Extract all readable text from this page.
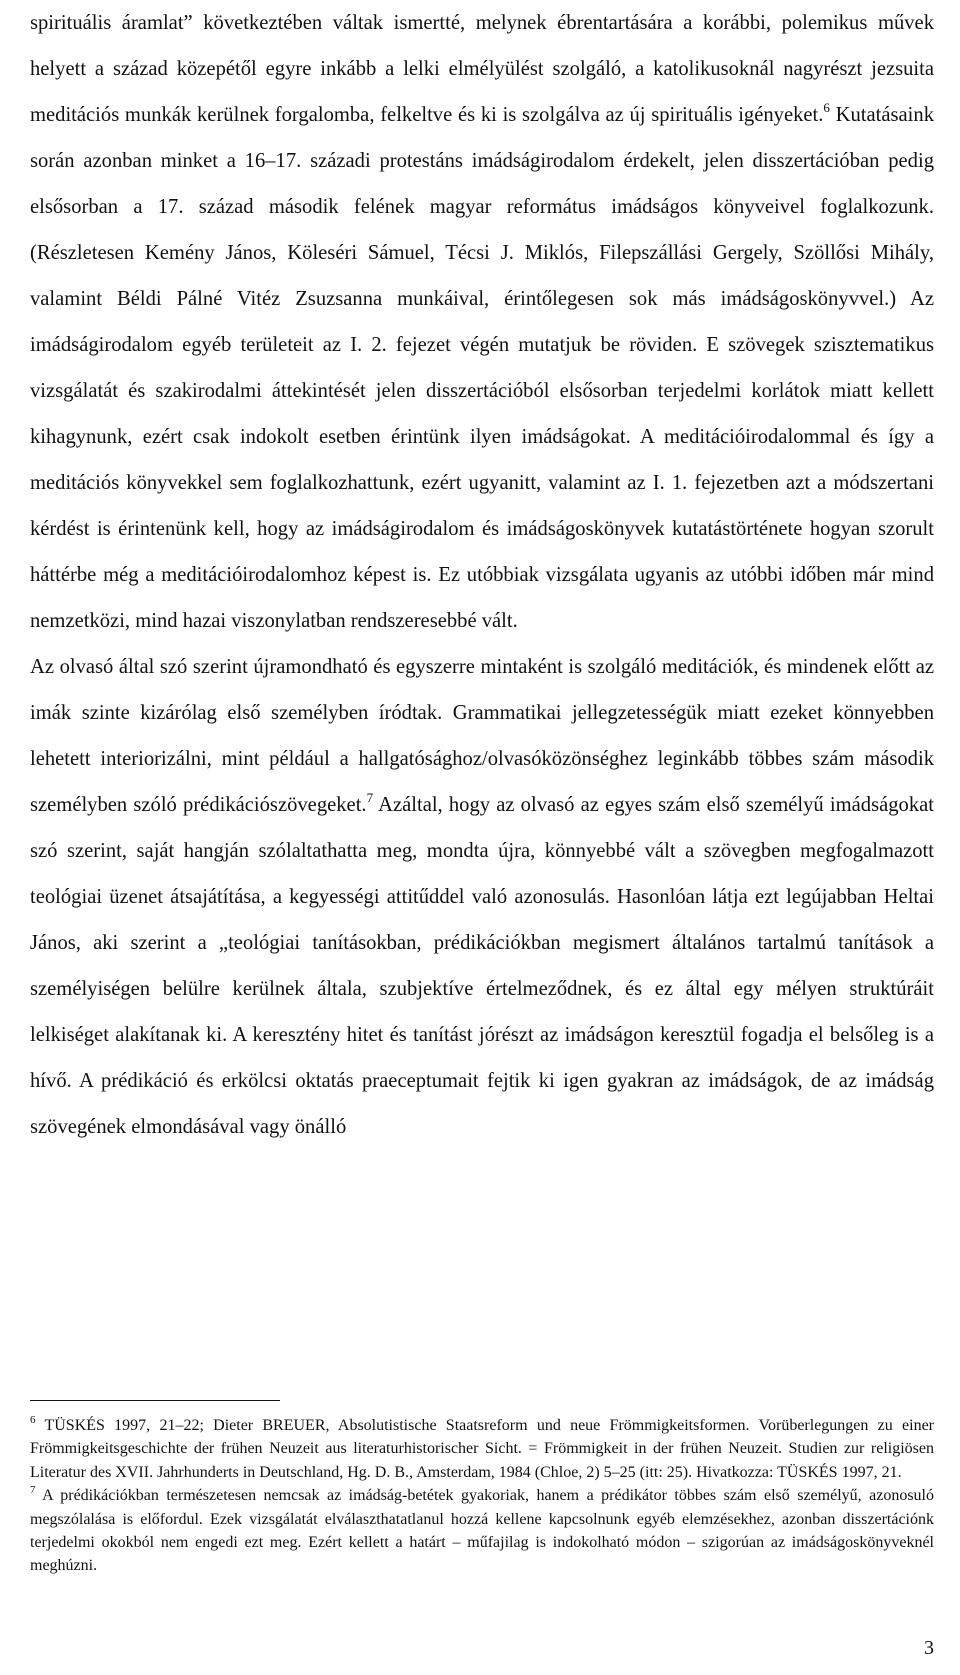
spirituális áramlat” következtében váltak ismertté, melynek ébrentartására a korábbi, polemikus művek helyett a század közepétől egyre inkább a lelki elmélyülést szolgáló, a katolikusoknál nagyrészt jezsuita meditációs munkák kerülnek forgalomba, felkeltve és ki is szolgálva az új spirituális igényeket.$^6$ Kutatásaink során azonban minket a 16–17. századi protestáns imádságirodalom érdekelt, jelen disszertációban pedig elsősorban a 17. század második felének magyar református imádságos könyveivel foglalkozunk. (Részletesen Kemény János, Köleséri Sámuel, Técsi J. Miklós, Filepszállási Gergely, Szöllősi Mihály, valamint Béldi Pálné Vitéz Zsuzsanna munkáival, érintőlegesen sok más imádságoskönyvvel.) Az imádságirodalom egyéb területeit az I. 2. fejezet végén mutatjuk be röviden. E szövegek szisztematikus vizsgálatát és szakirodalmi áttekintését jelen disszertációból elsősorban terjedelmi korlátok miatt kellett kihagynunk, ezért csak indokolt esetben érintünk ilyen imádságokat. A meditációirodalommal és így a meditációs könyvekkel sem foglalkozhattunk, ezért ugyanitt, valamint az I. 1. fejezetben azt a módszertani kérdést is érintenünk kell, hogy az imádságirodalom és imádságoskönyvek kutatástörténete hogyan szorult háttérbe még a meditációirodalomhoz képest is. Ez utóbbiak vizsgálata ugyanis az utóbbi időben már mind nemzetközi, mind hazai viszonylatban rendszeresebbé vált.

Az olvasó által szó szerint újramondható és egyszerre mintaként is szolgáló meditációk, és mindenek előtt az imák szinte kizárólag első személyben íródtak. Grammatikai jellegzetességük miatt ezeket könnyebben lehetett interiorizálni, mint például a hallgatósághoz/olvasóközönséghez leginkább többes szám második személyben szóló prédikációszövegeket.$^7$ Azáltal, hogy az olvasó az egyes szám első személyű imádságokat szó szerint, saját hangján szólaltathatta meg, mondta újra, könnyebbé vált a szövegben megfogalmazott teológiai üzenet átsajátítása, a kegyességi attitűddel való azonosulás. Hasonlóan látja ezt legújabban Heltai János, aki szerint a „teológiai tanításokban, prédikációkban megismert általános tartalmú tanítások a személyiségen belülre kerülnek általa, szubjektíve értelmeződnek, és ez által egy mélyen struktúráit lelkiséget alakítanak ki. A keresztény hitet és tanítást jórészt az imádságon keresztül fogadja el belsőleg is a hívő. A prédikáció és erkölcsi oktatás praeceptumait fejtik ki igen gyakran az imádságok, de az imádság szövegének elmondásával vagy önálló

$^6$ TÜSKÉS 1997, 21–22; Dieter BREUER, Absolutistische Staatsreform und neue Frömmigkeitsformen. Vorüberlegungen zu einer Frömmigkeitsgeschichte der frühen Neuzeit aus literaturhistorischer Sicht. = Frömmigkeit in der frühen Neuzeit. Studien zur religiösen Literatur des XVII. Jahrhunderts in Deutschland, Hg. D. B., Amsterdam, 1984 (Chloe, 2) 5–25 (itt: 25). Hivatkozza: TÜSKÉS 1997, 21.

$^7$ A prédikációkban természetesen nemcsak az imádság-betétek gyakoriak, hanem a prédikátor többes szám első személyű, azonosuló megszólalása is előfordul. Ezek vizsgálatát elválaszthatatlanul hozzá kellene kapcsolnunk egyéb elemzésekhez, azonban disszertációnk terjedelmi okokból nem engedi ezt meg. Ezért kellett a határt – műfajilag is indokolható módon – szigorúan az imádságoskönyveknél meghúzni.

3
